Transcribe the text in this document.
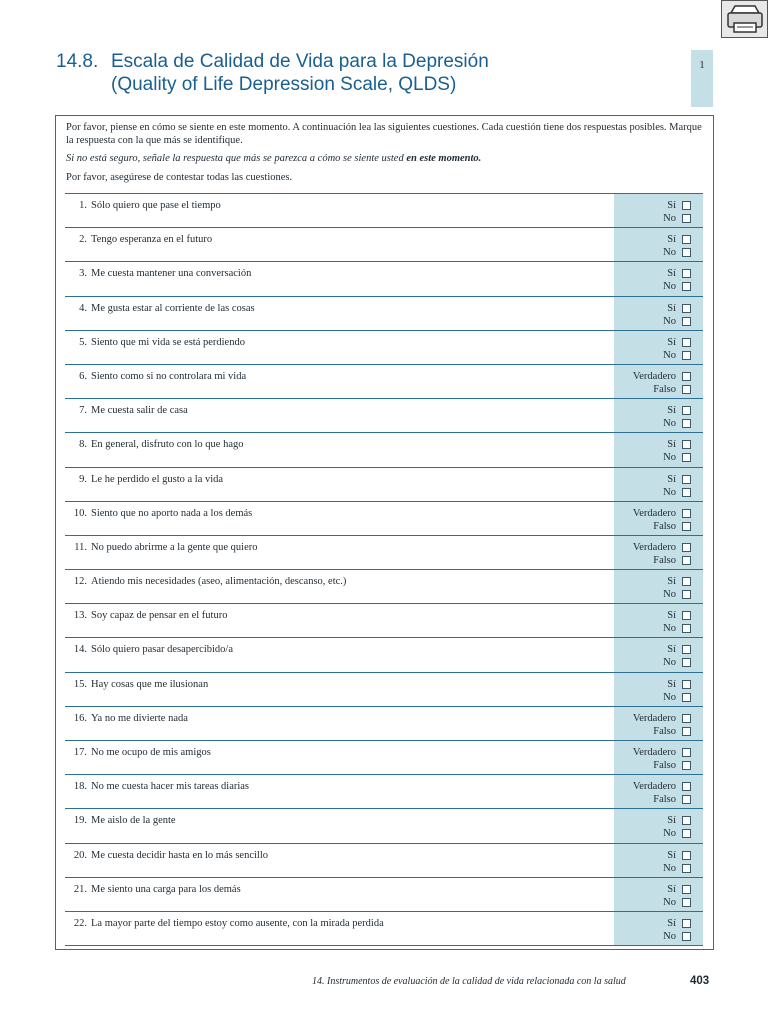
14.8. Escala de Calidad de Vida para la Depresión
(Quality of Life Depression Scale, QLDS)
1

Por favor, piense en cómo se siente en este momento. A continuación lea las siguientes cuestiones. Cada cuestión tiene dos respuestas posibles. Marque la respuesta con la que más se identifique.

Si no está seguro, señale la respuesta que más se parezca a cómo se siente usted en este momento.

Por favor, asegúrese de contestar todas las cuestiones.

1. Sólo quiero que pase el tiempo	Sí
No
2. Tengo esperanza en el futuro	Sí
No
3. Me cuesta mantener una conversación	Sí
No
4. Me gusta estar al corriente de las cosas	Sí
No
5. Siento que mi vida se está perdiendo	Sí
No
6. Siento como si no controlara mi vida	Verdadero
Falso
7. Me cuesta salir de casa	Sí
No
8. En general, disfruto con lo que hago	Sí
No
9. Le he perdido el gusto a la vida	Sí
No
10. Siento que no aporto nada a los demás	Verdadero
Falso
11. No puedo abrirme a la gente que quiero	Verdadero
Falso
12. Atiendo mis necesidades (aseo, alimentación, descanso, etc.)	Sí
No
13. Soy capaz de pensar en el futuro	Sí
No
14. Sólo quiero pasar desapercibido/a	Sí
No
15. Hay cosas que me ilusionan	Sí
No
16. Ya no me divierte nada	Verdadero
Falso
17. No me ocupo de mis amigos	Verdadero
Falso
18. No me cuesta hacer mis tareas diarias	Verdadero
Falso
19. Me aislo de la gente	Sí
No
20. Me cuesta decidir hasta en lo más sencillo	Sí
No
21. Me siento una carga para los demás	Sí
No
22. La mayor parte del tiempo estoy como ausente, con la mirada perdida	Sí
No
14. Instrumentos de evaluación de la calidad de vida relacionada con la salud	403
